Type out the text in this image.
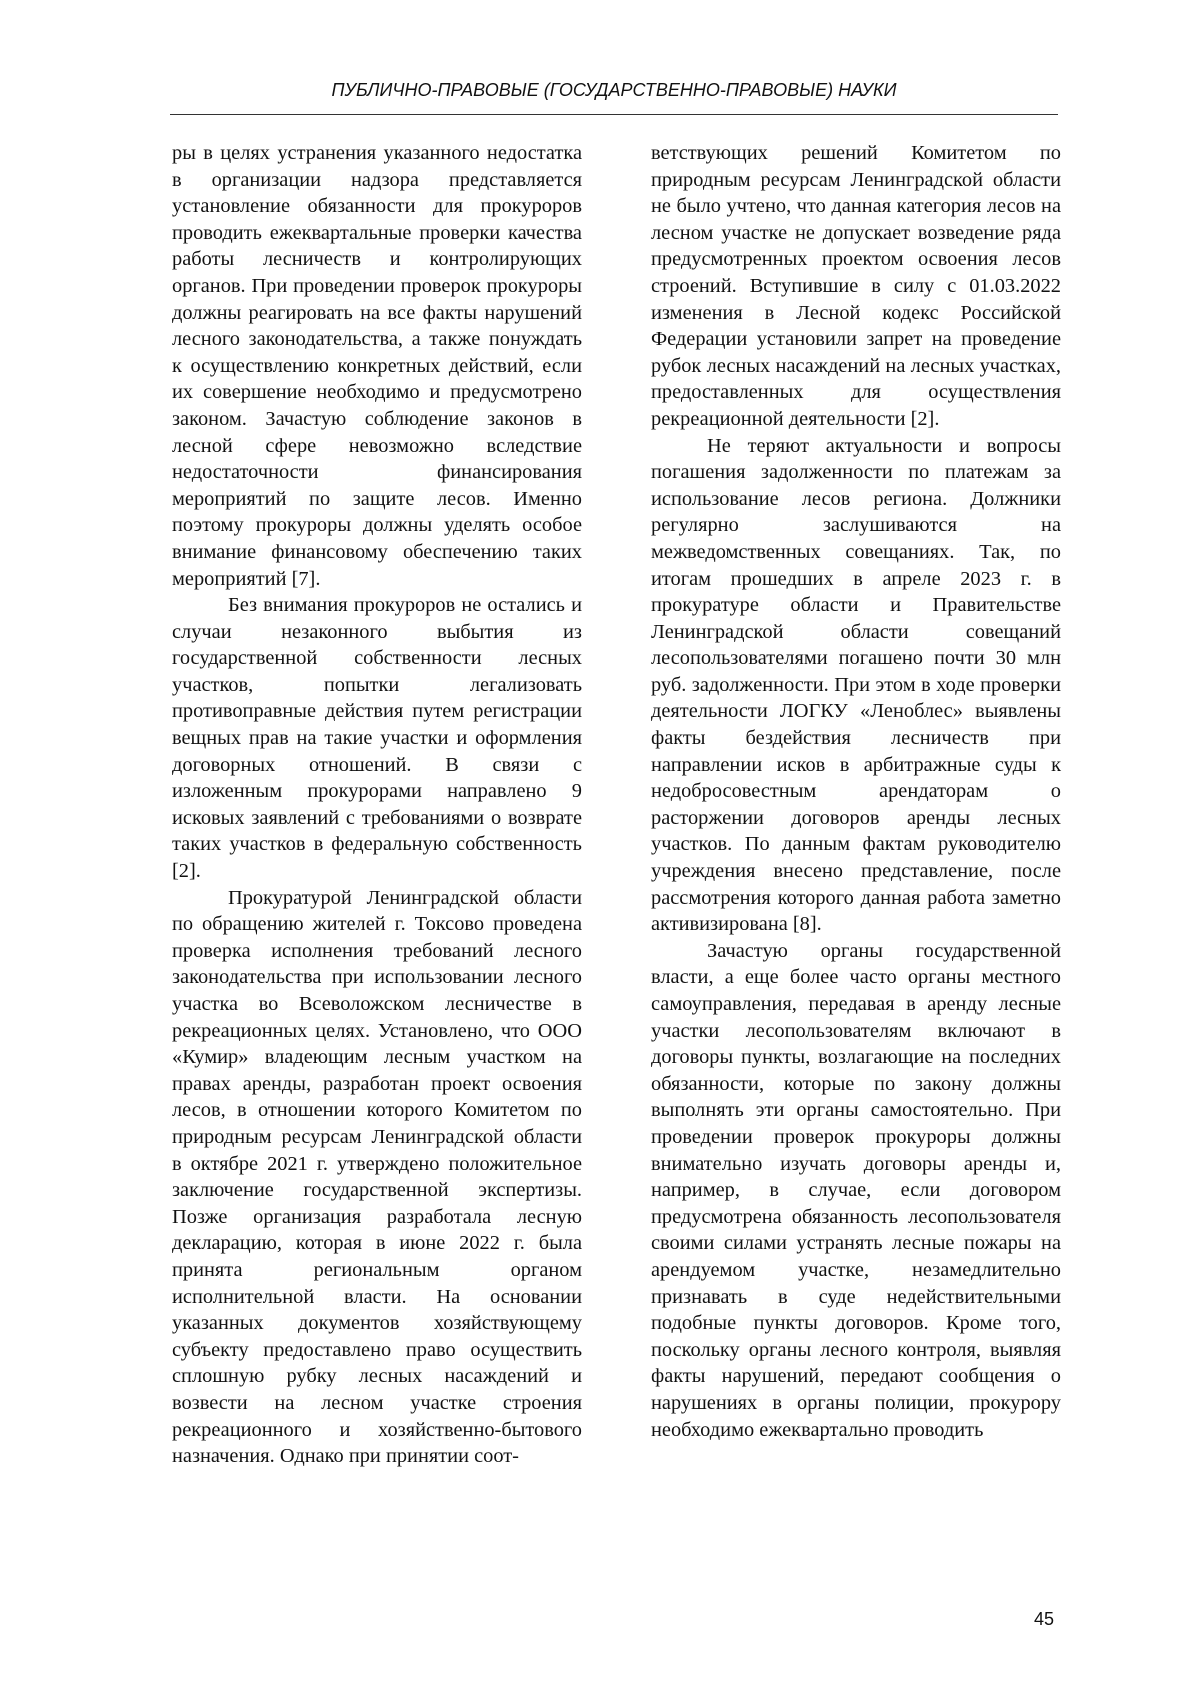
ПУБЛИЧНО-ПРАВОВЫЕ (ГОСУДАРСТВЕННО-ПРАВОВЫЕ) НАУКИ

ры в целях устранения указанного недостатка в организации надзора представляется установление обязанности для прокуроров проводить ежеквартальные проверки качества работы лесничеств и контролирующих органов. При проведении проверок прокуроры должны реагировать на все факты нарушений лесного законодательства, а также понуждать к осуществлению конкретных действий, если их совершение необходимо и предусмотрено законом. Зачастую соблюдение законов в лесной сфере невозможно вследствие недостаточности финансирования мероприятий по защите лесов. Именно поэтому прокуроры должны уделять особое внимание финансовому обеспечению таких мероприятий [7].

Без внимания прокуроров не остались и случаи незаконного выбытия из государственной собственности лесных участков, попытки легализовать противоправные действия путем регистрации вещных прав на такие участки и оформления договорных отношений. В связи с изложенным прокурорами направлено 9 исковых заявлений с требованиями о возврате таких участков в федеральную собственность [2].

Прокуратурой Ленинградской области по обращению жителей г. Токсово проведена проверка исполнения требований лесного законодательства при использовании лесного участка во Всеволожском лесничестве в рекреационных целях. Установлено, что ООО «Кумир» владеющим лесным участком на правах аренды, разработан проект освоения лесов, в отношении которого Комитетом по природным ресурсам Ленинградской области в октябре 2021 г. утверждено положительное заключение государственной экспертизы. Позже организация разработала лесную декларацию, которая в июне 2022 г. была принята региональным органом исполнительной власти. На основании указанных документов хозяйствующему субъекту предоставлено право осуществить сплошную рубку лесных насаждений и возвести на лесном участке строения рекреационного и хозяйственно-бытового назначения. Однако при принятии соот-

ветствующих решений Комитетом по природным ресурсам Ленинградской области не было учтено, что данная категория лесов на лесном участке не допускает возведение ряда предусмотренных проектом освоения лесов строений. Вступившие в силу с 01.03.2022 изменения в Лесной кодекс Российской Федерации установили запрет на проведение рубок лесных насаждений на лесных участках, предоставленных для осуществления рекреационной деятельности [2].

Не теряют актуальности и вопросы погашения задолженности по платежам за использование лесов региона. Должники регулярно заслушиваются на межведомственных совещаниях. Так, по итогам прошедших в апреле 2023 г. в прокуратуре области и Правительстве Ленинградской области совещаний лесопользователями погашено почти 30 млн руб. задолженности. При этом в ходе проверки деятельности ЛОГКУ «Леноблес» выявлены факты бездействия лесничеств при направлении исков в арбитражные суды к недобросовестным арендаторам о расторжении договоров аренды лесных участков. По данным фактам руководителю учреждения внесено представление, после рассмотрения которого данная работа заметно активизирована [8].

Зачастую органы государственной власти, а еще более часто органы местного самоуправления, передавая в аренду лесные участки лесопользователям включают в договоры пункты, возлагающие на последних обязанности, которые по закону должны выполнять эти органы самостоятельно. При проведении проверок прокуроры должны внимательно изучать договоры аренды и, например, в случае, если договором предусмотрена обязанность лесопользователя своими силами устранять лесные пожары на арендуемом участке, незамедлительно признавать в суде недействительными подобные пункты договоров. Кроме того, поскольку органы лесного контроля, выявляя факты нарушений, передают сообщения о нарушениях в органы полиции, прокурору необходимо ежеквартально проводить

45
